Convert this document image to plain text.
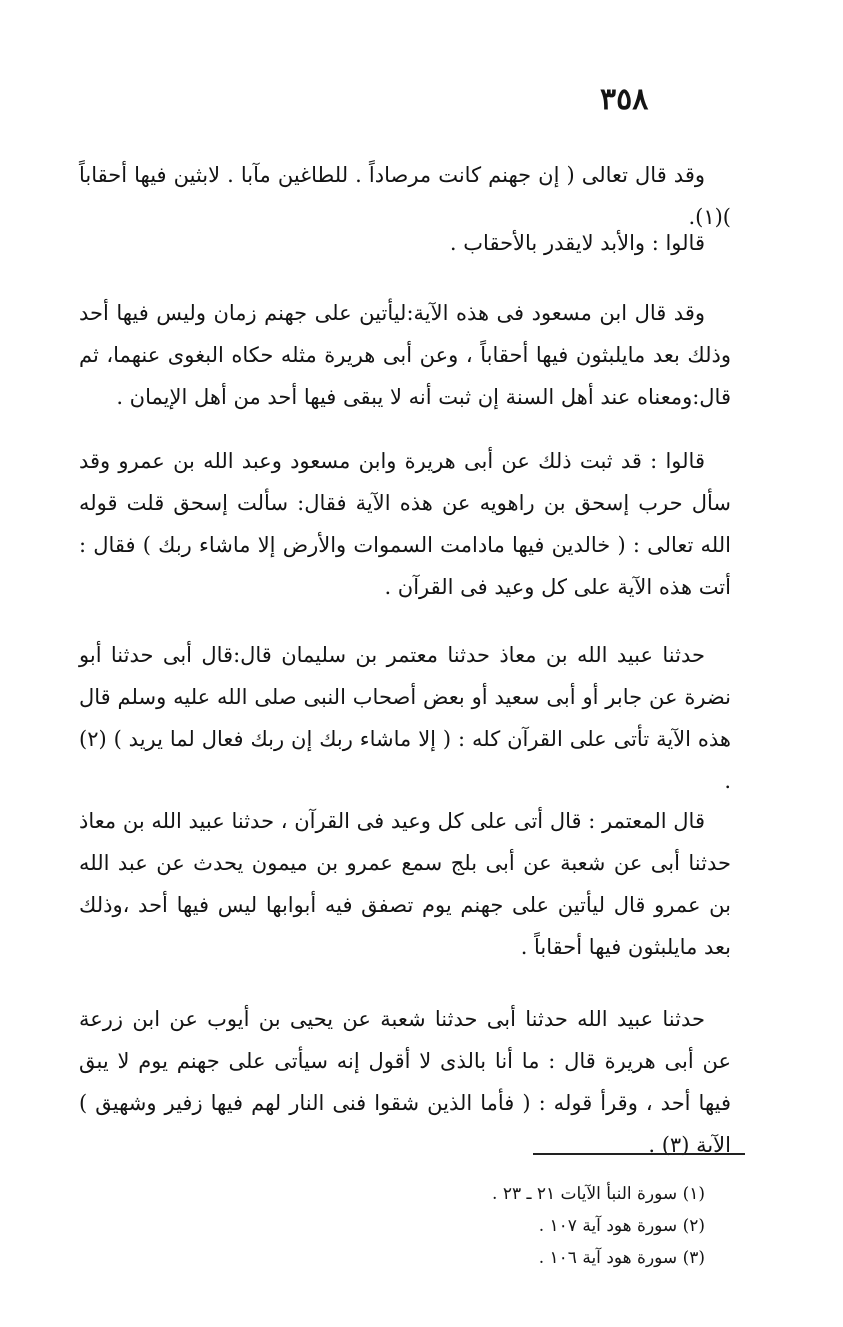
٣٥٨

وقد قال تعالى ( إن جهنم كانت مرصاداً . للطاغين مآبا . لابثين فيها أحقاباً )(١).

قالوا : والأبد لايقدر بالأحقاب .

وقد قال ابن مسعود فى هذه الآية:ليأتين على جهنم زمان وليس فيها أحد وذلك بعد مايلبثون فيها أحقاباً ، وعن أبى هريرة مثله حكاه البغوى عنهما، ثم قال:ومعناه عند أهل السنة إن ثبت أنه لا يبقى فيها أحد من أهل الإيمان .

قالوا : قد ثبت ذلك عن أبى هريرة وابن مسعود وعبد الله بن عمرو وقد سأل حرب إسحق بن راهويه عن هذه الآية فقال: سألت إسحق قلت قوله الله تعالى : ( خالدين فيها مادامت السموات والأرض إلا ماشاء ربك ) فقال : أتت هذه الآية على كل وعيد فى القرآن .

حدثنا عبيد الله بن معاذ حدثنا معتمر بن سليمان قال:قال أبى حدثنا أبو نضرة عن جابر أو أبى سعيد أو بعض أصحاب النبى صلى الله عليه وسلم قال هذه الآية تأتى على القرآن كله : ( إلا ماشاء ربك إن ربك فعال لما يريد ) (٢) .

قال المعتمر : قال أتى على كل وعيد فى القرآن ، حدثنا عبيد الله بن معاذ حدثنا أبى عن شعبة عن أبى بلج سمع عمرو بن ميمون يحدث عن عبد الله بن عمرو قال ليأتين على جهنم يوم تصفق فيه أبوابها ليس فيها أحد ،وذلك بعد مايلبثون فيها أحقاباً .

حدثنا عبيد الله حدثنا أبى حدثنا شعبة عن يحيى بن أيوب عن ابن زرعة عن أبى هريرة قال : ما أنا بالذى لا أقول إنه سيأتى على جهنم يوم لا يبق فيها أحد ، وقرأ قوله : ( فأما الذين شقوا فنى النار لهم فيها زفير وشهيق ) الآية (٣) .

(١) سورة النبأ الآيات ٢١ ـ ٢٣ .

(٢) سورة هود آية ١٠٧ .

(٣) سورة هود آية ١٠٦ .
